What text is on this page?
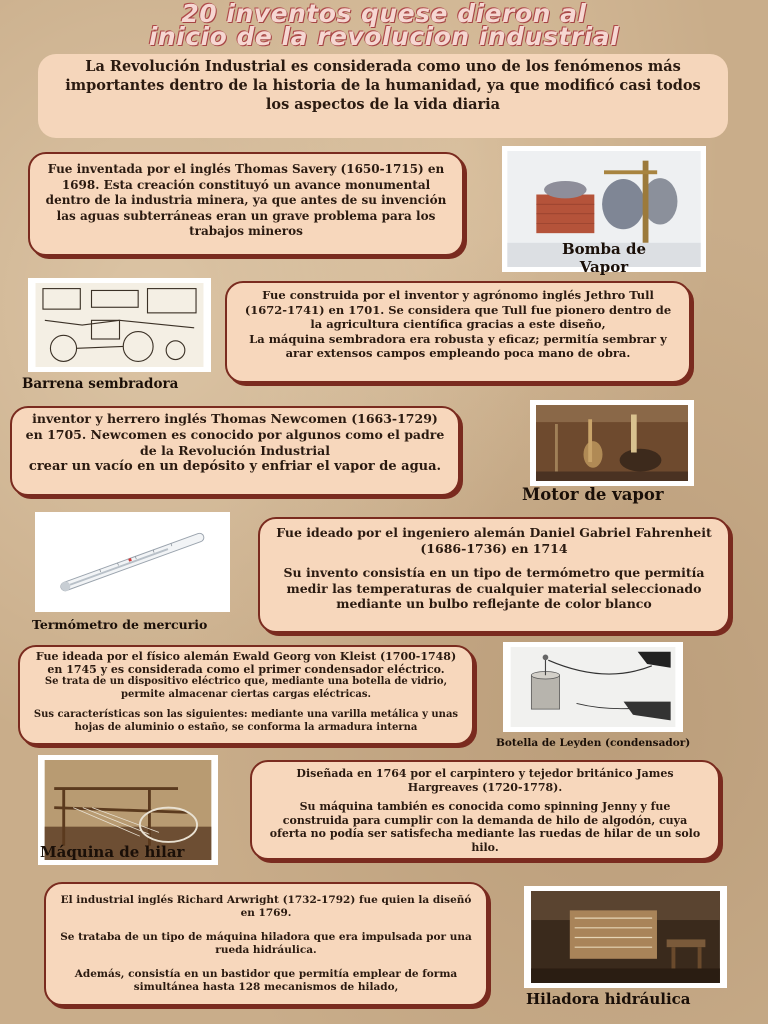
20 inventos quese dieron al
inicio de la revolucion industrial
La Revolución Industrial es considerada como uno de los fenómenos más importantes dentro de la historia de la humanidad, ya que modificó casi todos los aspectos de la vida diaria

Fue inventada por el inglés Thomas Savery (1650-1715) en 1698. Esta creación constituyó un avance monumental dentro de la industria minera, ya que antes de su invención las aguas subterráneas eran un grave problema para los trabajos mineros

Bomba de
Vapor
Barrena sembradora

Fue construida por el inventor y agrónomo inglés Jethro Tull (1672-1741) en 1701. Se considera que Tull fue pionero dentro de la agricultura científica gracias a este diseño,

La máquina sembradora era robusta y eficaz; permitía sembrar y arar extensos campos empleando poca mano de obra.

inventor y herrero inglés Thomas Newcomen (1663-1729) en 1705. Newcomen es conocido por algunos como el padre de la Revolución Industrial

crear un vacío en un depósito y enfriar el vapor de agua.

Motor de vapor
Termómetro de mercurio

Fue ideado por el ingeniero alemán Daniel Gabriel Fahrenheit (1686-1736) en 1714

Su invento consistía en un tipo de termómetro que permitía medir las temperaturas de cualquier material seleccionado mediante un bulbo reflejante de color blanco

Fue ideada por el físico alemán Ewald Georg von Kleist (1700-1748) en 1745 y es considerada como el primer condensador eléctrico.

Se trata de un dispositivo eléctrico que, mediante una botella de vidrio, permite almacenar ciertas cargas eléctricas.

Sus características son las siguientes: mediante una varilla metálica y unas hojas de aluminio o estaño, se conforma la armadura interna

Botella de Leyden (condensador)
Máquina de hilar

Diseñada en 1764 por el carpintero y tejedor británico James Hargreaves (1720-1778).

Su máquina también es conocida como spinning Jenny y fue construida para cumplir con la demanda de hilo de algodón, cuya oferta no podía ser satisfecha mediante las ruedas de hilar de un solo hilo.

El industrial inglés Richard Arwright (1732-1792) fue quien la diseñó en 1769.

Se trataba de un tipo de máquina hiladora que era impulsada por una rueda hidráulica.

Además, consistía en un bastidor que permitía emplear de forma simultánea hasta 128 mecanismos de hilado,

Hiladora hidráulica
